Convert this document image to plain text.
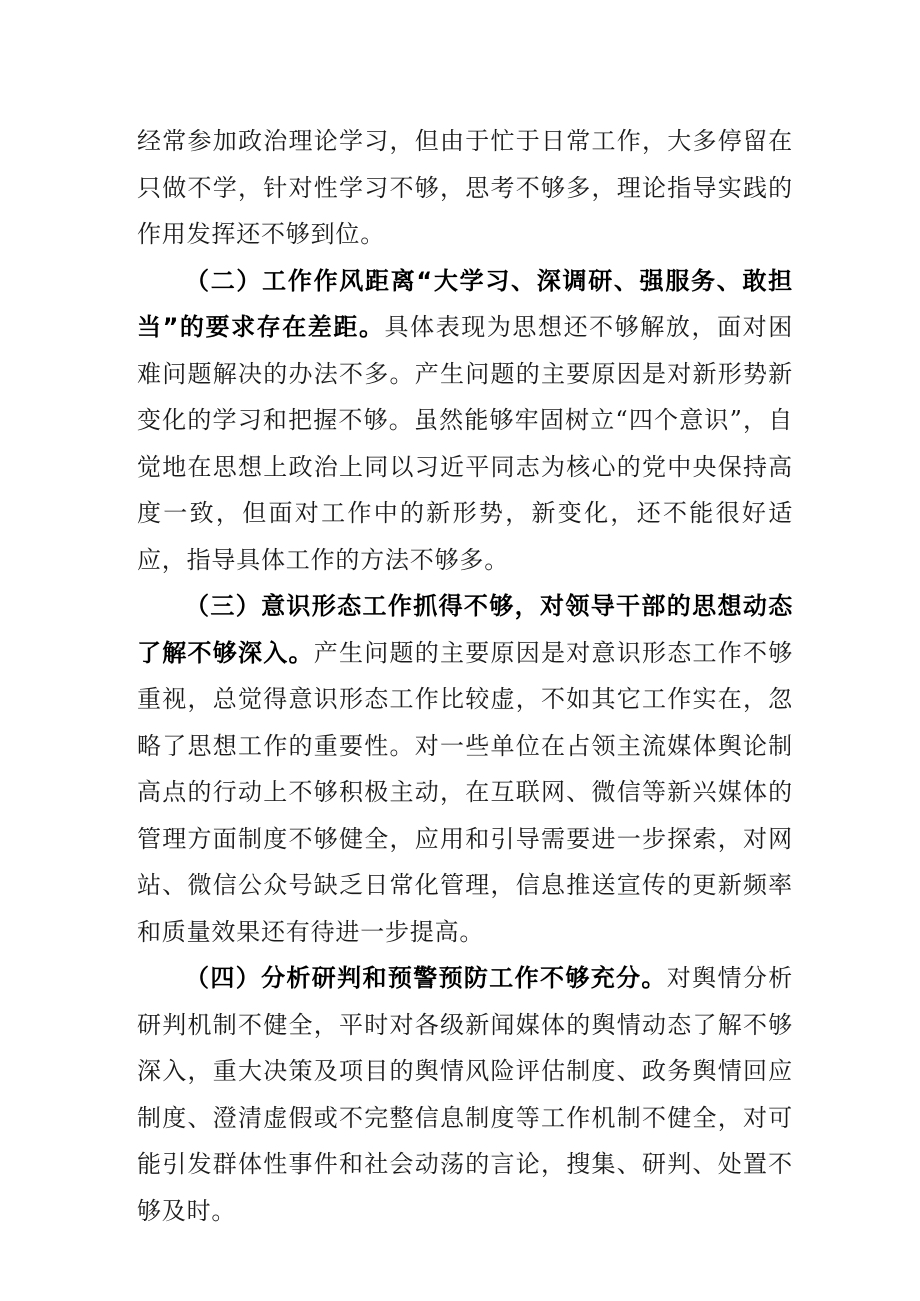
经常参加政治理论学习，但由于忙于日常工作，大多停留在只做不学，针对性学习不够，思考不够多，理论指导实践的作用发挥还不够到位。

（二）工作作风距离“大学习、深调研、强服务、敢担当”的要求存在差距。具体表现为思想还不够解放，面对困难问题解决的办法不多。产生问题的主要原因是对新形势新变化的学习和把握不够。虽然能够牢固树立“四个意识”，自觉地在思想上政治上同以习近平同志为核心的党中央保持高度一致，但面对工作中的新形势，新变化，还不能很好适应，指导具体工作的方法不够多。

（三）意识形态工作抓得不够，对领导干部的思想动态了解不够深入。产生问题的主要原因是对意识形态工作不够重视，总觉得意识形态工作比较虚，不如其它工作实在，忽略了思想工作的重要性。对一些单位在占领主流媒体舆论制高点的行动上不够积极主动，在互联网、微信等新兴媒体的管理方面制度不够健全，应用和引导需要进一步探索，对网站、微信公众号缺乏日常化管理，信息推送宣传的更新频率和质量效果还有待进一步提高。

（四）分析研判和预警预防工作不够充分。对舆情分析研判机制不健全，平时对各级新闻媒体的舆情动态了解不够深入，重大决策及项目的舆情风险评估制度、政务舆情回应制度、澄清虚假或不完整信息制度等工作机制不健全，对可能引发群体性事件和社会动荡的言论，搜集、研判、处置不够及时。
